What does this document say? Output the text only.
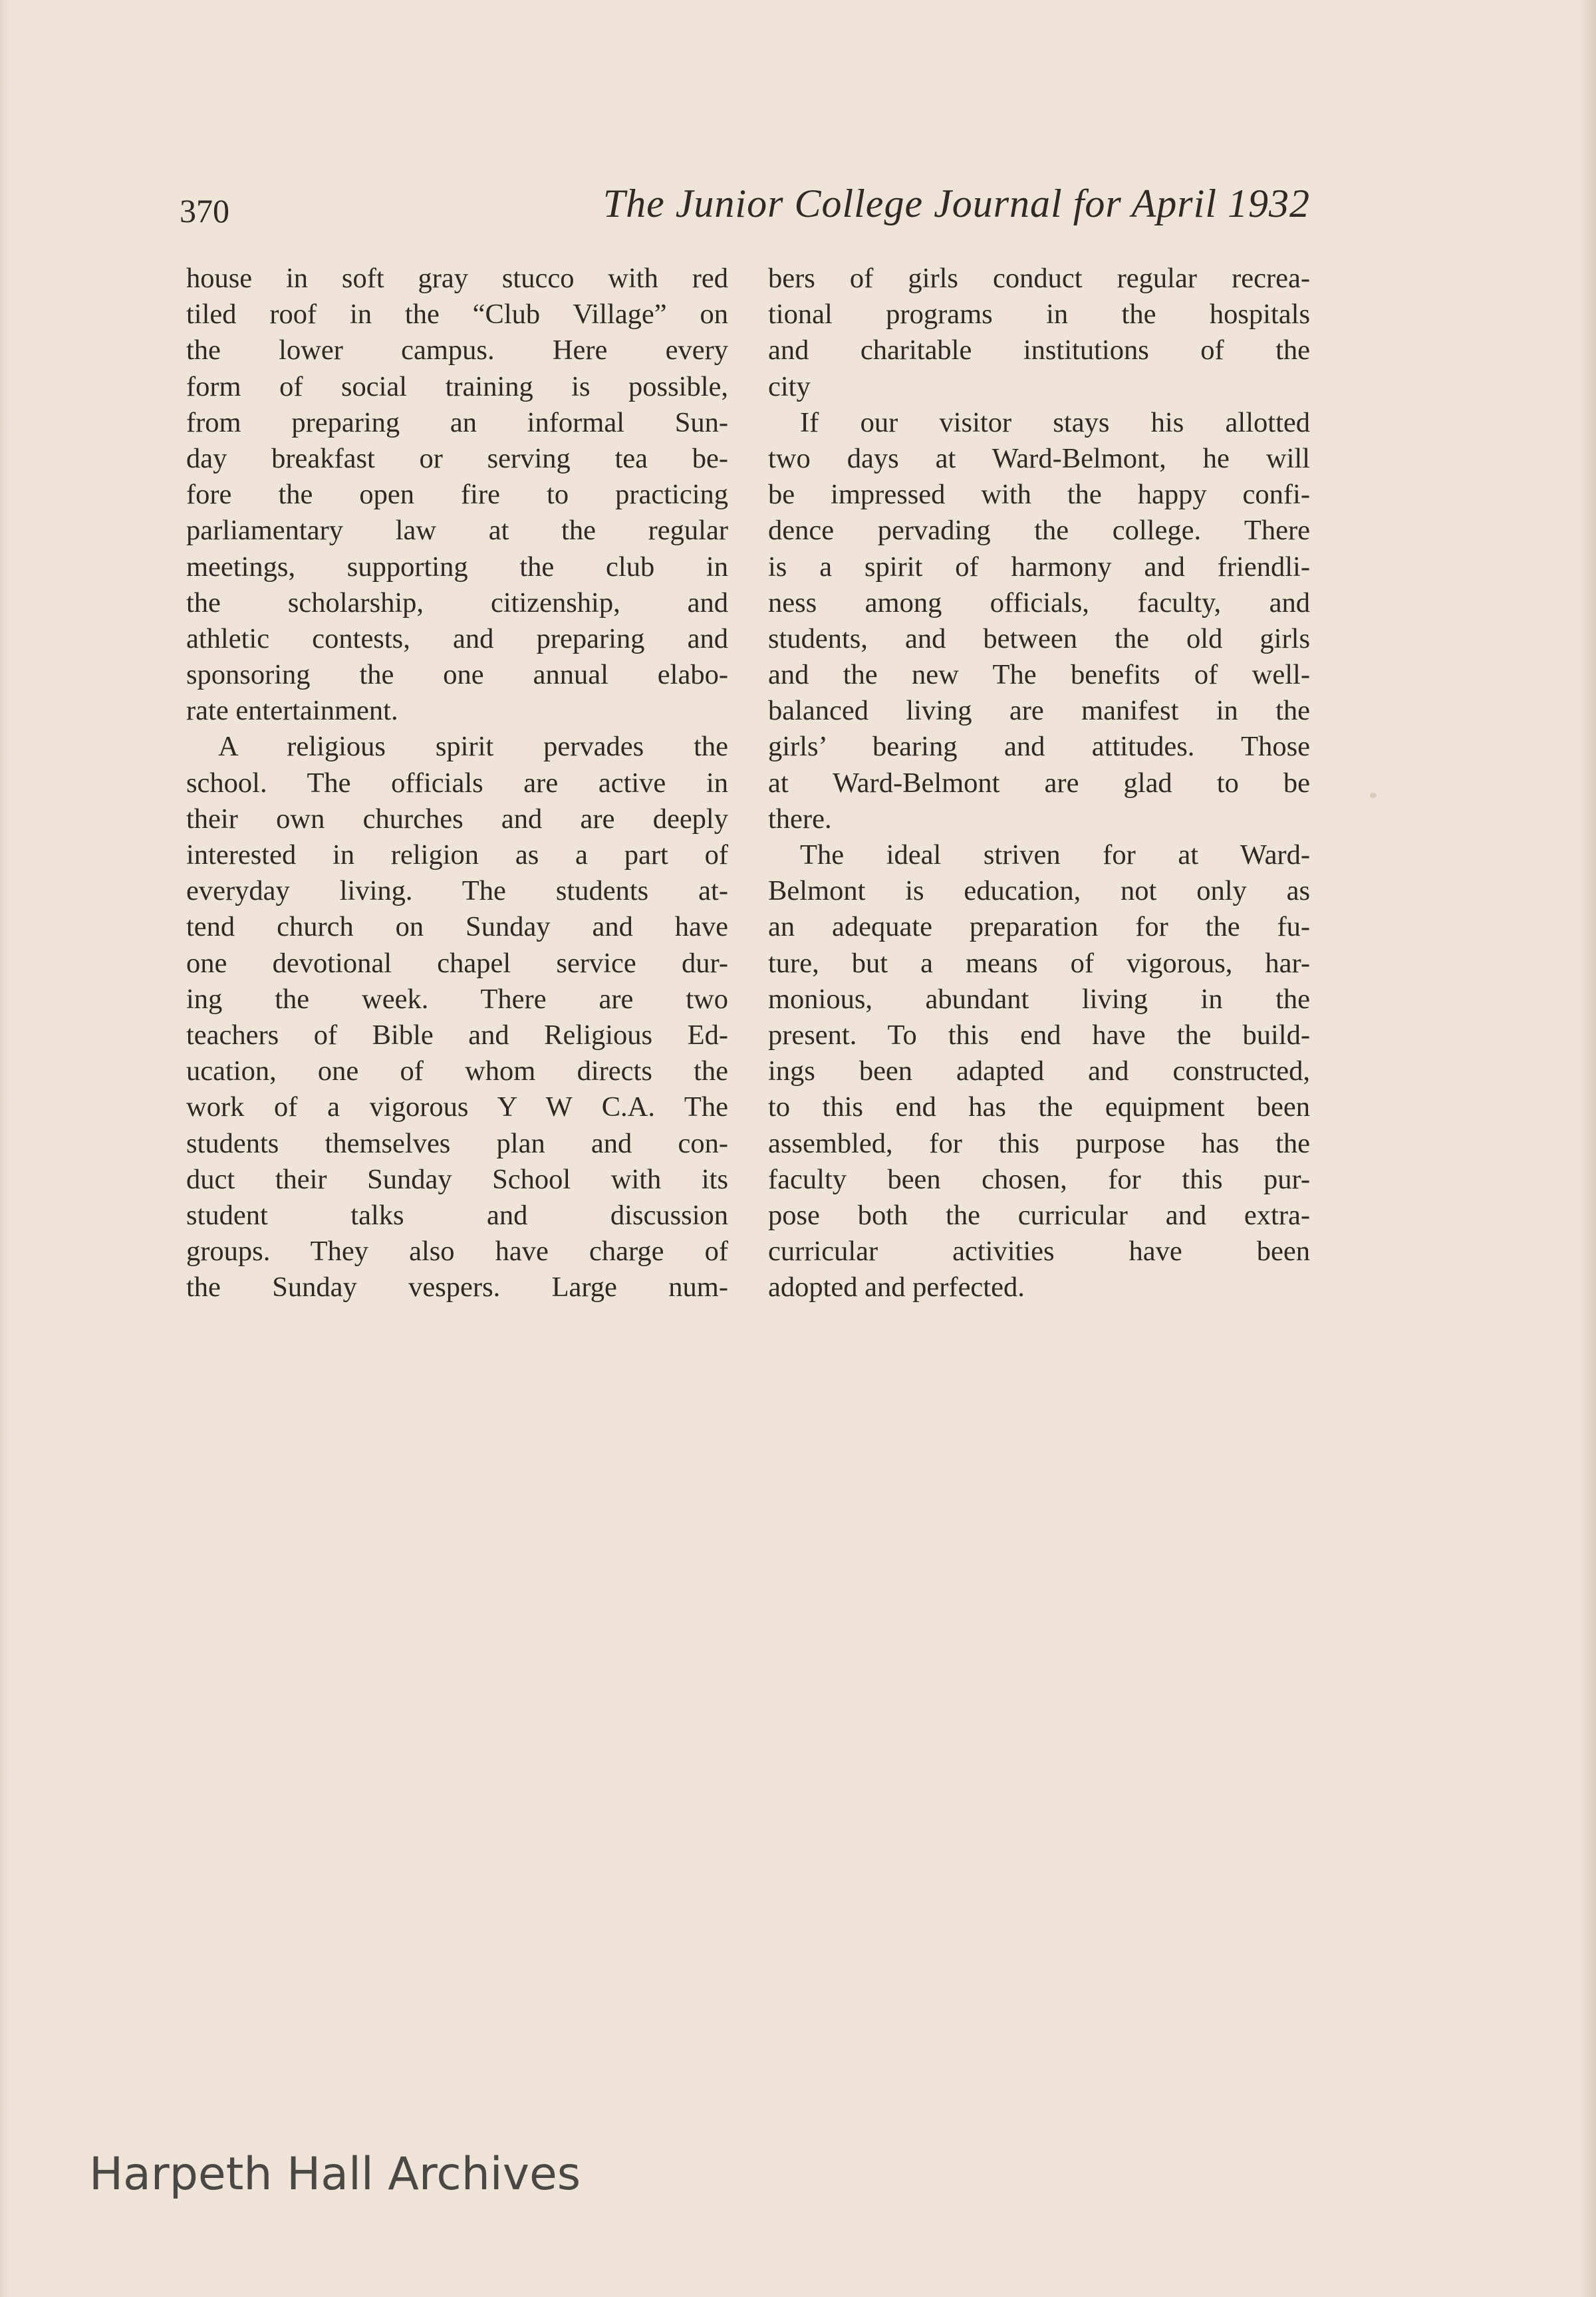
370	The Junior College Journal for April 1932
house in soft gray stucco with red
tiled roof in the “Club Village” on
the lower campus. Here every
form of social training is possible,
from preparing an informal Sun-
day breakfast or serving tea be-
fore the open fire to practicing
parliamentary law at the regular
meetings, supporting the club in
the scholarship, citizenship, and
athletic contests, and preparing and
sponsoring the one annual elabo-
rate entertainment.
A religious spirit pervades the
school. The officials are active in
their own churches and are deeply
interested in religion as a part of
everyday living. The students at-
tend church on Sunday and have
one devotional chapel service dur-
ing the week. There are two
teachers of Bible and Religious Ed-
ucation, one of whom directs the
work of a vigorous Y W C.A. The
students themselves plan and con-
duct their Sunday School with its
student talks and discussion
groups. They also have charge of
the Sunday vespers. Large num-
bers of girls conduct regular recrea-
tional programs in the hospitals
and charitable institutions of the
city
If our visitor stays his allotted
two days at Ward-Belmont, he will
be impressed with the happy confi-
dence pervading the college. There
is a spirit of harmony and friendli-
ness among officials, faculty, and
students, and between the old girls
and the new The benefits of well-
balanced living are manifest in the
girls’ bearing and attitudes. Those
at Ward-Belmont are glad to be
there.
The ideal striven for at Ward-
Belmont is education, not only as
an adequate preparation for the fu-
ture, but a means of vigorous, har-
monious, abundant living in the
present. To this end have the build-
ings been adapted and constructed,
to this end has the equipment been
assembled, for this purpose has the
faculty been chosen, for this pur-
pose both the curricular and extra-
curricular activities have been
adopted and perfected.
Harpeth Hall Archives
